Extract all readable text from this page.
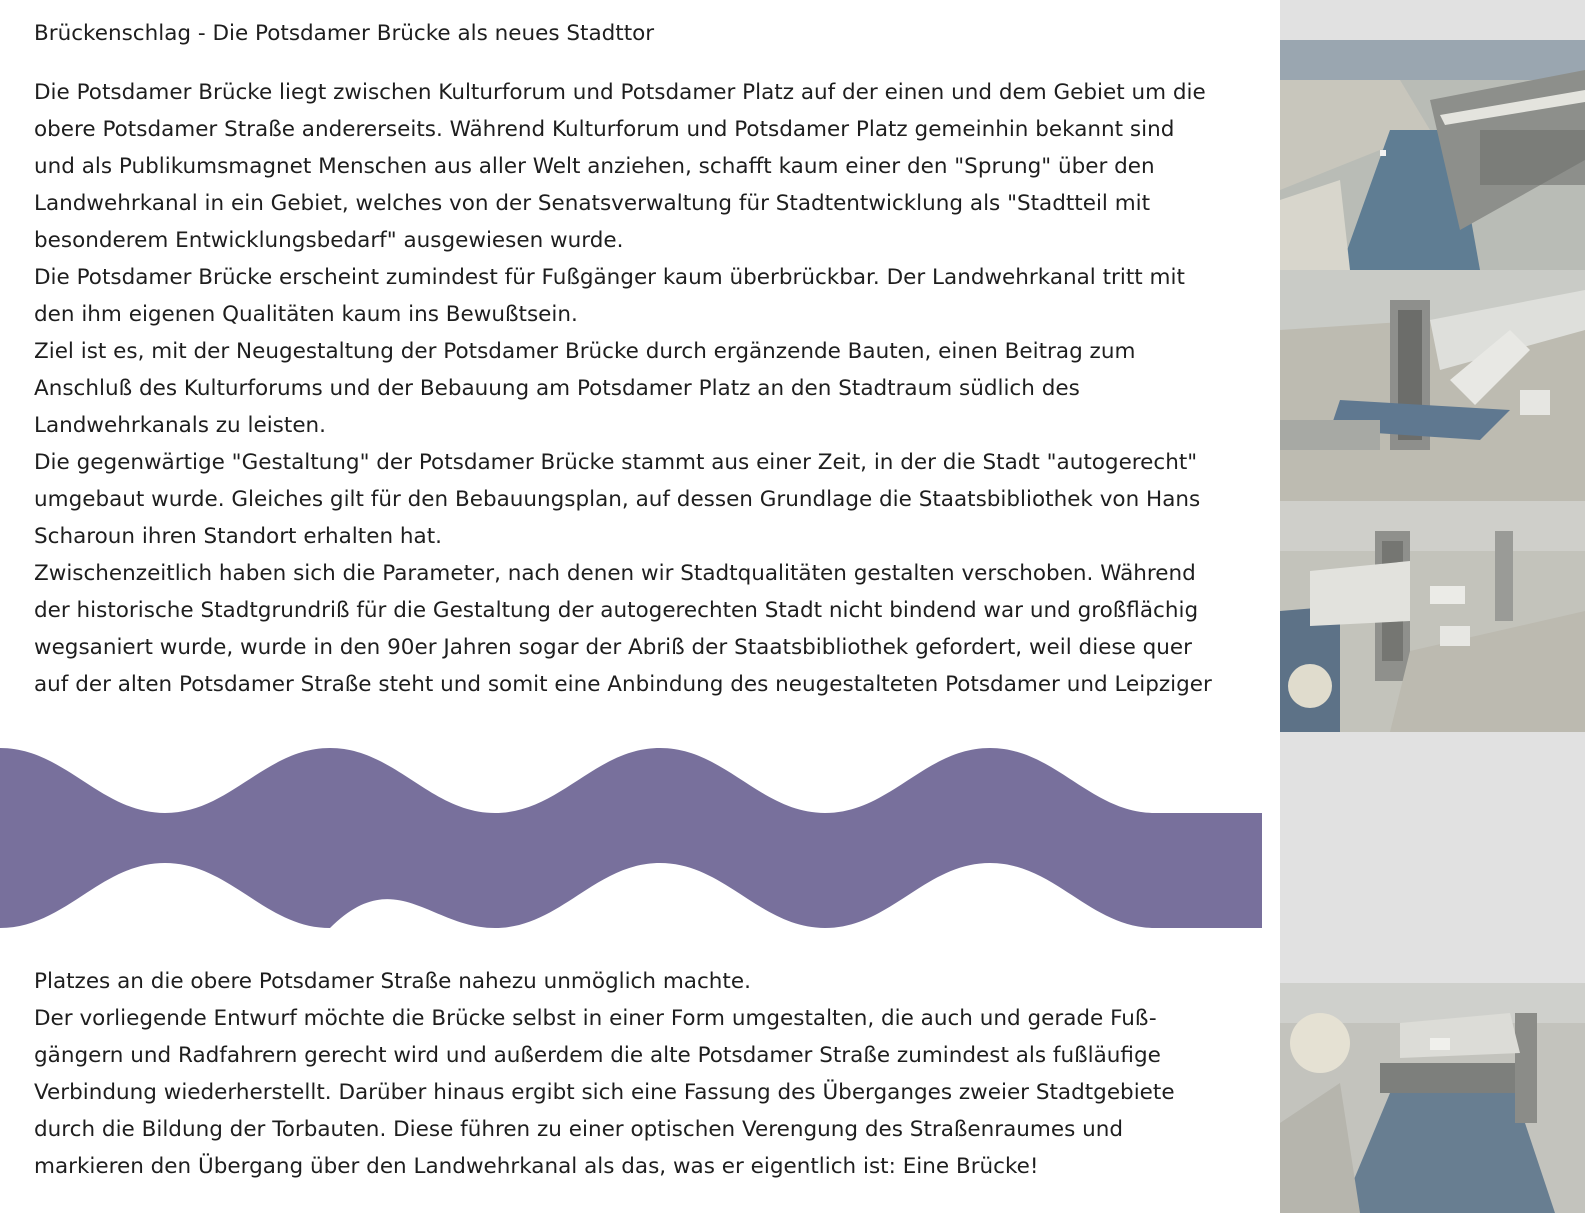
Brückenschlag - Die Potsdamer Brücke als neues Stadttor
Die Potsdamer Brücke liegt zwischen Kulturforum und Potsdamer Platz auf der einen und dem Gebiet um die
obere Potsdamer Straße andererseits. Während Kulturforum und Potsdamer Platz gemeinhin bekannt sind
und als Publikumsmagnet Menschen aus aller Welt anziehen, schafft kaum einer den "Sprung" über den
Landwehrkanal in ein Gebiet, welches von der Senatsverwaltung für Stadtentwicklung als "Stadtteil mit
besonderem Entwicklungsbedarf" ausgewiesen wurde.
Die Potsdamer Brücke erscheint zumindest für Fußgänger kaum überbrückbar. Der Landwehrkanal tritt mit
den ihm eigenen Qualitäten kaum ins Bewußtsein.
Ziel ist es, mit der Neugestaltung der Potsdamer Brücke durch ergänzende Bauten, einen Beitrag zum
Anschluß des Kulturforums und der Bebauung am Potsdamer Platz an den Stadtraum südlich des
Landwehrkanals zu leisten.
Die gegenwärtige "Gestaltung" der Potsdamer Brücke stammt aus einer Zeit, in der die Stadt "autogerecht"
umgebaut wurde. Gleiches gilt für den Bebauungsplan, auf dessen Grundlage die Staatsbibliothek von Hans
Scharoun ihren Standort erhalten hat.
Zwischenzeitlich haben sich die Parameter, nach denen wir Stadtqualitäten gestalten verschoben. Während
der historische Stadtgrundriß für die Gestaltung der autogerechten Stadt nicht bindend war und großflächig
wegsaniert wurde, wurde in den 90er Jahren sogar der Abriß der Staatsbibliothek gefordert, weil diese quer
auf der alten Potsdamer Straße steht und somit eine Anbindung des neugestalteten Potsdamer und Leipziger
Platzes an die obere Potsdamer Straße nahezu unmöglich machte.
Der vorliegende Entwurf möchte die Brücke selbst in einer Form umgestalten, die auch und gerade Fuß-
gängern und Radfahrern gerecht wird und außerdem die alte Potsdamer Straße zumindest als fußläufige
Verbindung wiederherstellt. Darüber hinaus ergibt sich eine Fassung des Überganges zweier Stadtgebiete
durch die Bildung der Torbauten. Diese führen zu einer optischen Verengung des Straßenraumes und
markieren den Übergang über den Landwehrkanal als das, was er eigentlich ist: Eine Brücke!
